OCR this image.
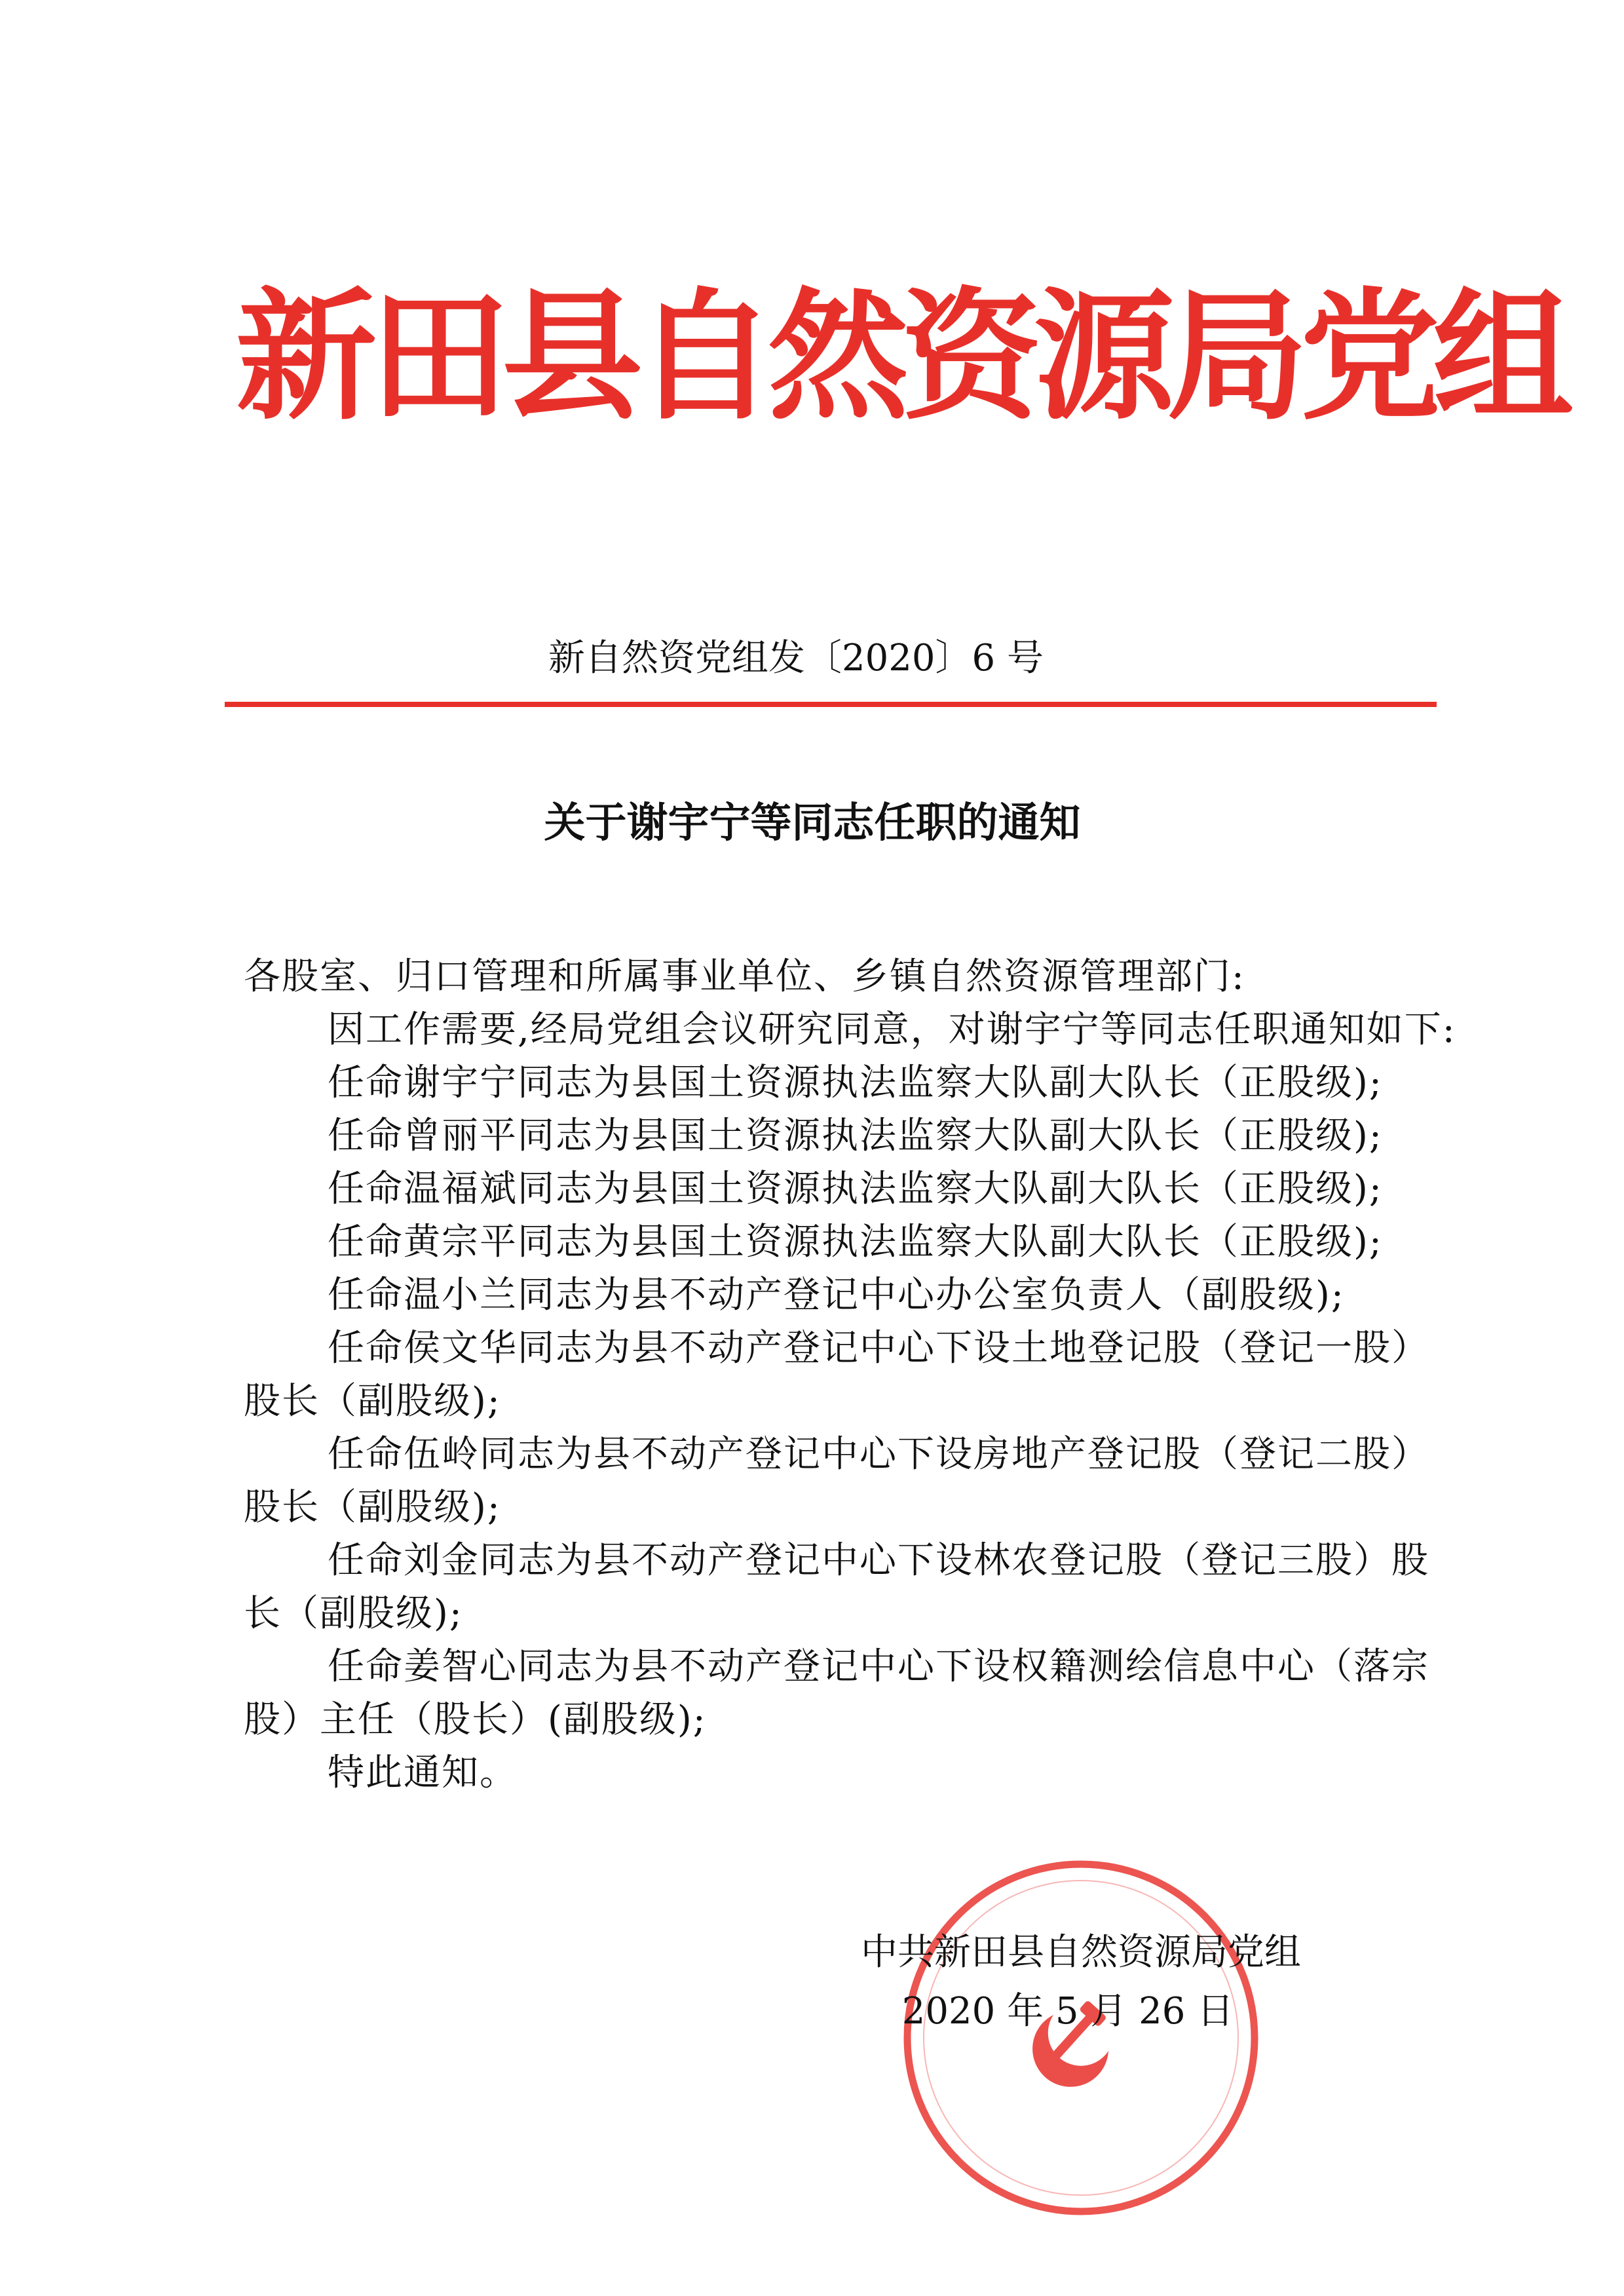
新田县自然资源局党组
新自然资党组发〔2020〕6 号
关于谢宇宁等同志任职的通知

各股室、归口管理和所属事业单位、乡镇自然资源管理部门:

因工作需要,经局党组会议研究同意，对谢宇宁等同志任职通知如下:

任命谢宇宁同志为县国土资源执法监察大队副大队长（正股级);

任命曾丽平同志为县国土资源执法监察大队副大队长（正股级);

任命温福斌同志为县国土资源执法监察大队副大队长（正股级);

任命黄宗平同志为县国土资源执法监察大队副大队长（正股级);

任命温小兰同志为县不动产登记中心办公室负责人（副股级);

任命侯文华同志为县不动产登记中心下设土地登记股（登记一股）股长（副股级);

任命伍岭同志为县不动产登记中心下设房地产登记股（登记二股）股长（副股级);

任命刘金同志为县不动产登记中心下设林农登记股（登记三股）股长（副股级);

任命姜智心同志为县不动产登记中心下设权籍测绘信息中心（落宗股）主任（股长）(副股级);

特此通知。

中共新田县自然资源局党组
2020 年 5 月 26 日
